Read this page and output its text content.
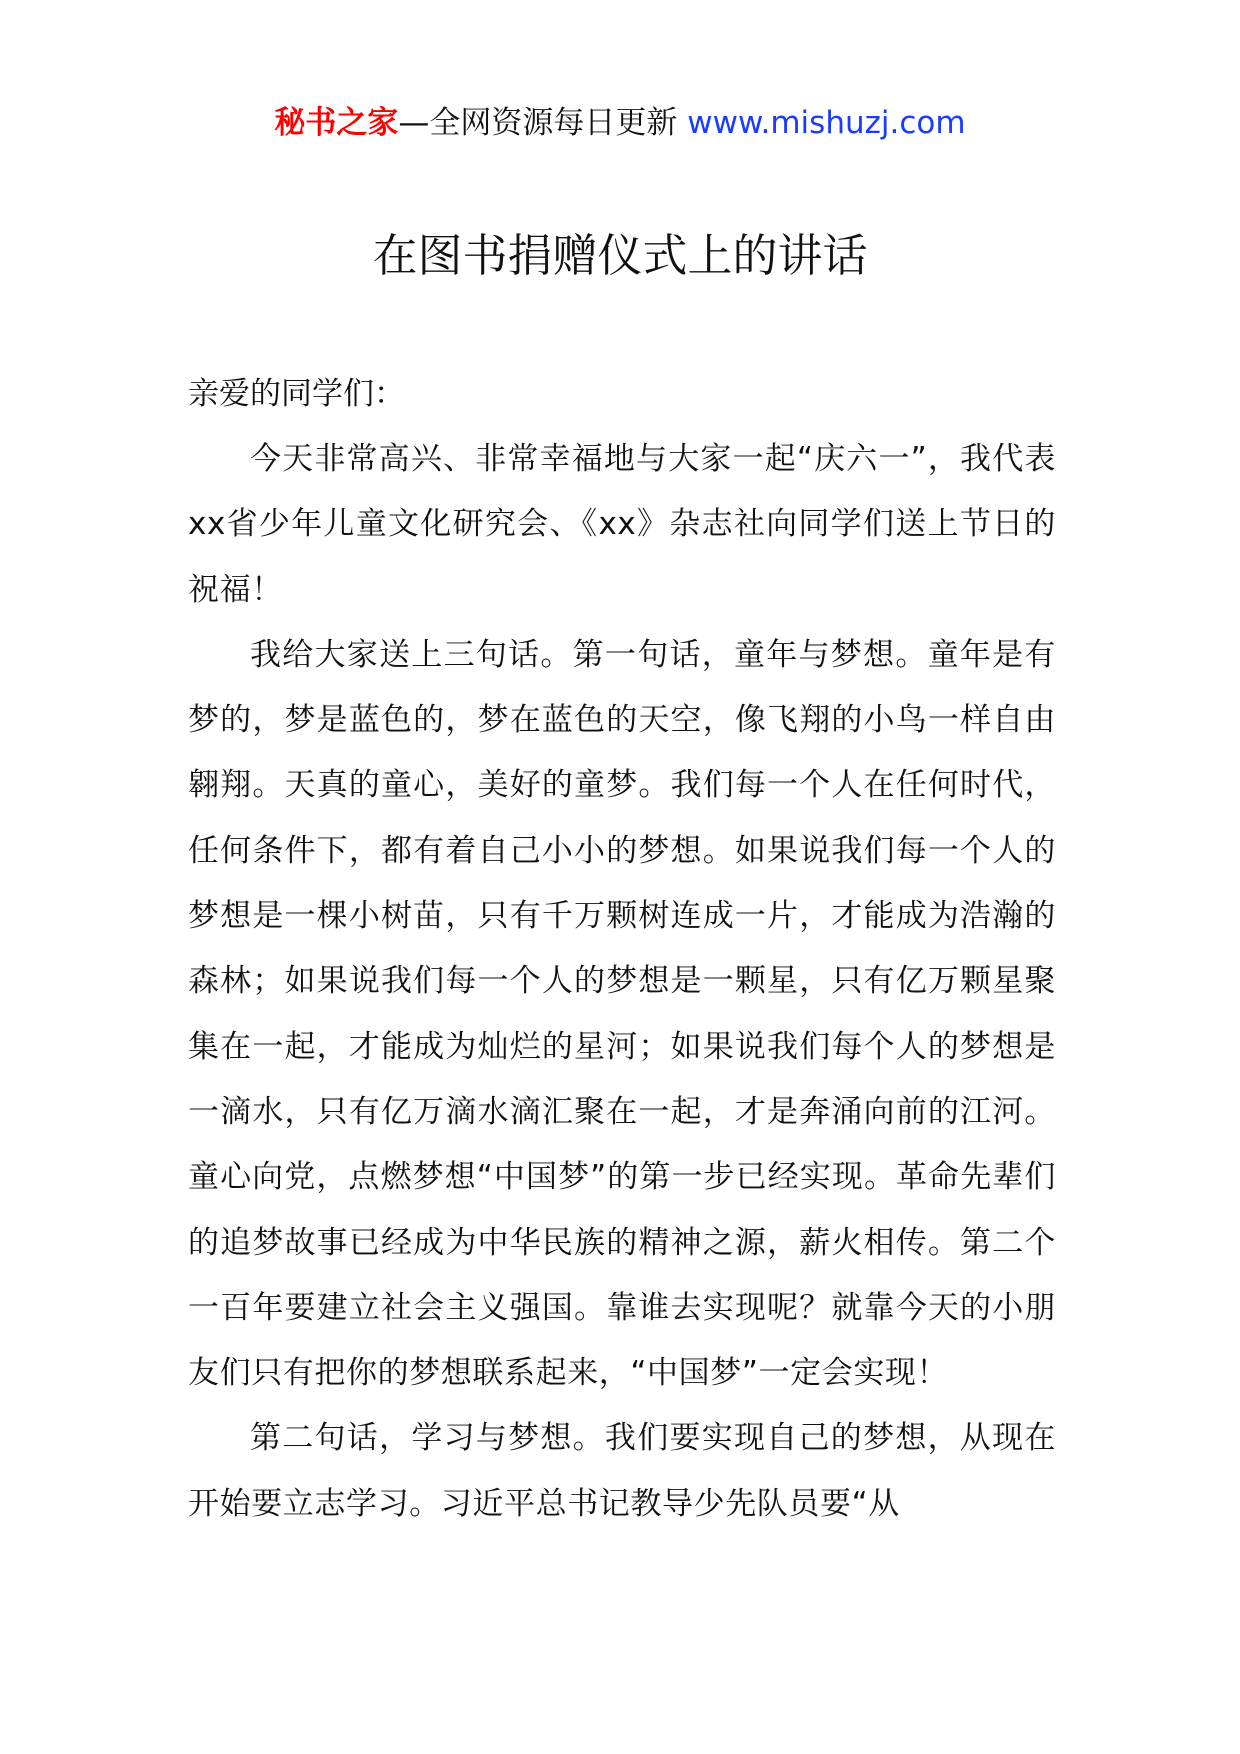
秘书之家—全网资源每日更新 www.mishuzj.com
在图书捐赠仪式上的讲话

亲爱的同学们：

今天非常高兴、非常幸福地与大家一起“庆六一”，我代表xx省少年儿童文化研究会、《xx》杂志社向同学们送上节日的祝福！

我给大家送上三句话。第一句话，童年与梦想。童年是有梦的，梦是蓝色的，梦在蓝色的天空，像飞翔的小鸟一样自由翱翔。天真的童心，美好的童梦。我们每一个人在任何时代，任何条件下，都有着自己小小的梦想。如果说我们每一个人的梦想是一棵小树苗，只有千万颗树连成一片，才能成为浩瀚的森林；如果说我们每一个人的梦想是一颗星，只有亿万颗星聚集在一起，才能成为灿烂的星河；如果说我们每个人的梦想是一滴水，只有亿万滴水滴汇聚在一起，才是奔涌向前的江河。童心向党，点燃梦想“中国梦”的第一步已经实现。革命先辈们的追梦故事已经成为中华民族的精神之源，薪火相传。第二个一百年要建立社会主义强国。靠谁去实现呢？就靠今天的小朋友们只有把你的梦想联系起来，“中国梦”一定会实现！

第二句话，学习与梦想。我们要实现自己的梦想，从现在开始要立志学习。习近平总书记教导少先队员要“从
